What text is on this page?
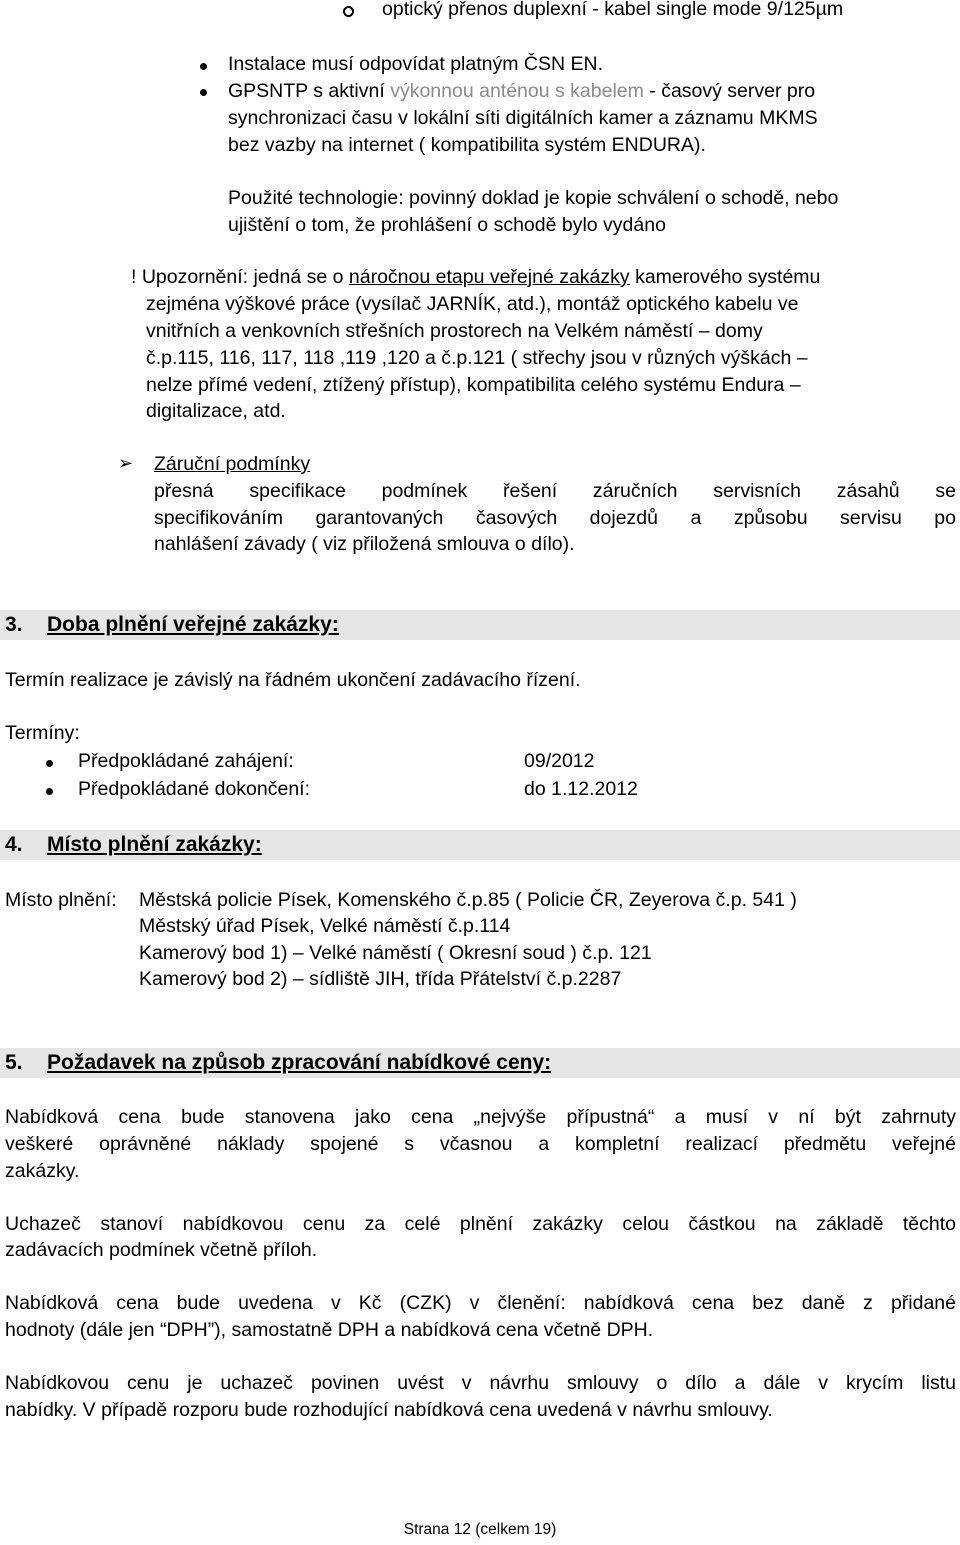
optický přenos duplexní - kabel single mode 9/125µm
Instalace musí odpovídat platným ČSN EN.
GPSNTP s aktivní výkonnou anténou s kabelem - časový server pro
synchronizaci času v lokální síti digitálních kamer a záznamu MKMS
bez vazby na internet ( kompatibilita systém ENDURA).
Použité technologie: povinný doklad je kopie schválení o schodě, nebo
ujištění o tom, že prohlášení o schodě bylo vydáno
! Upozornění: jedná se o náročnou etapu veřejné zakázky kamerového systému
zejména výškové práce (vysílač JARNÍK, atd.), montáž optického kabelu ve
vnitřních a venkovních střešních prostorech na Velkém náměstí – domy
č.p.115, 116, 117, 118 ,119 ,120 a č.p.121 ( střechy jsou v různých výškách –
nelze přímé vedení, ztížený přístup), kompatibilita celého systému Endura –
digitalizace, atd.
➢ Záruční podmínky
přesná specifikace podmínek řešení záručních servisních zásahů se
specifikováním garantovaných časových dojezdů a způsobu servisu po
nahlášení závady ( viz přiložená smlouva o dílo).
3. Doba plnění veřejné zakázky:
Termín realizace je závislý na řádném ukončení zadávacího řízení.
Termíny:
Předpokládané zahájení:	09/2012
Předpokládané dokončení:	do 1.12.2012
4. Místo plnění zakázky:
Místo plnění: Městská policie Písek, Komenského č.p.85 ( Policie ČR, Zeyerova č.p. 541 )
Městský úřad Písek, Velké náměstí č.p.114
Kamerový bod 1) – Velké náměstí ( Okresní soud ) č.p. 121
Kamerový bod 2) – sídliště JIH, třída Přátelství č.p.2287
5. Požadavek na způsob zpracování nabídkové ceny:
Nabídková cena bude stanovena jako cena „nejvýše přípustná“ a musí v ní být zahrnuty
veškeré oprávněné náklady spojené s včasnou a kompletní realizací předmětu veřejné
zakázky.
Uchazeč stanoví nabídkovou cenu za celé plnění zakázky celou částkou na základě těchto
zadávacích podmínek včetně příloh.
Nabídková cena bude uvedena v Kč (CZK) v členění: nabídková cena bez daně z přidané
hodnoty (dále jen “DPH”), samostatně DPH a nabídková cena včetně DPH.
Nabídkovou cenu je uchazeč povinen uvést v návrhu smlouvy o dílo a dále v krycím listu
nabídky. V případě rozporu bude rozhodující nabídková cena uvedená v návrhu smlouvy.
Strana 12 (celkem 19)
